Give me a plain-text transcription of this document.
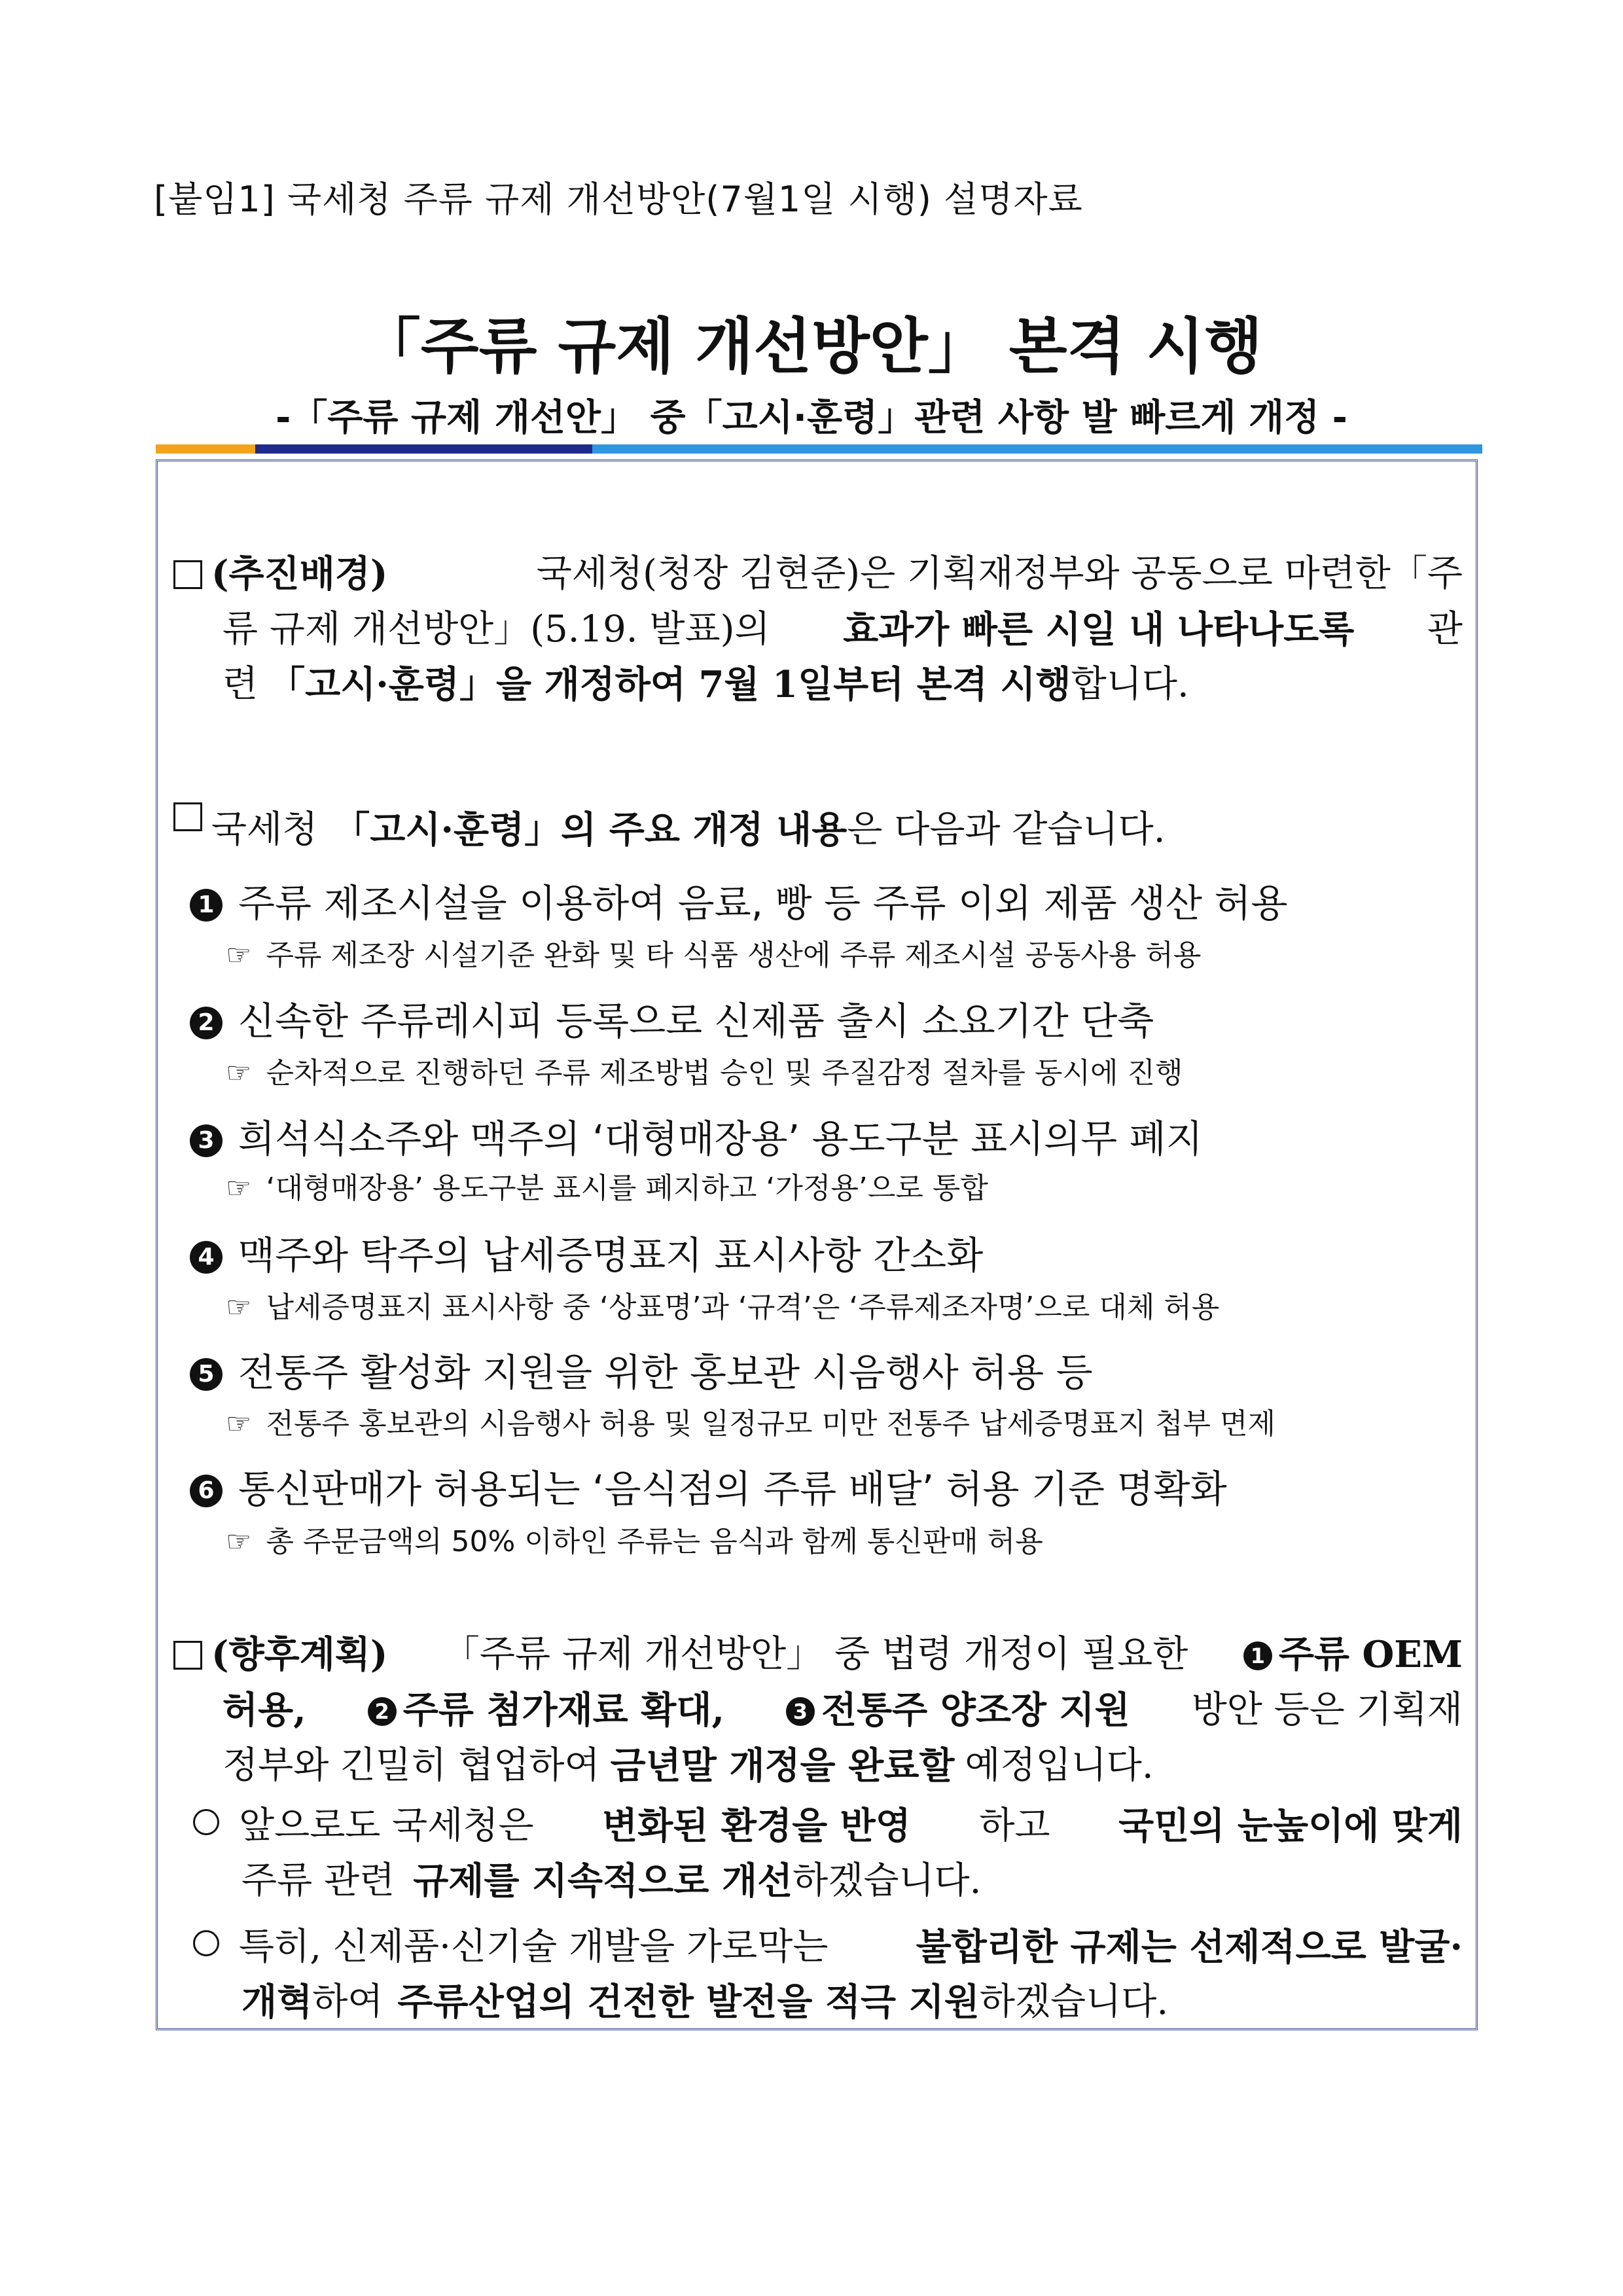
[붙임1] 국세청 주류 규제 개선방안(7월1일 시행) 설명자료
「주류 규제 개선방안」 본격 시행
-「주류 규제 개선안」 중「고시·훈령」관련 사항 발 빠르게 개정 -
(추진배경)	국세청(청장 김현준)은 기획재정부와 공동으로 마련한「주
류 규제 개선방안」(5.19. 발표)의 효과가 빠른 시일 내 나타나도록 관
련 「고시·훈령」을 개정하여 7월 1일부터 본격 시행 합니다.
국세청 「고시·훈령」의 주요 개정 내용 은 다음과 같습니다.
1 주류 제조시설을 이용하여 음료, 빵 등 주류 이외 제품 생산 허용
☞ 주류 제조장 시설기준 완화 및 타 식품 생산에 주류 제조시설 공동사용 허용
2 신속한 주류레시피 등록으로 신제품 출시 소요기간 단축
☞ 순차적으로 진행하던 주류 제조방법 승인 및 주질감정 절차를 동시에 진행
3 희석식소주와 맥주의 ‘대형매장용’ 용도구분 표시의무 폐지
☞ ‘대형매장용’ 용도구분 표시를 폐지하고 ‘가정용’으로 통합
4 맥주와 탁주의 납세증명표지 표시사항 간소화
☞ 납세증명표지 표시사항 중 ‘상표명’과 ‘규격’은 ‘주류제조자명’으로 대체 허용
5 전통주 활성화 지원을 위한 홍보관 시음행사 허용 등
☞ 전통주 홍보관의 시음행사 허용 및 일정규모 미만 전통주 납세증명표지 첩부 면제
6 통신판매가 허용되는 ‘음식점의 주류 배달’ 허용 기준 명확화
☞ 총 주문금액의 50% 이하인 주류는 음식과 함께 통신판매 허용
(향후계획) 「주류 규제 개선방안」 중 법령 개정이 필요한	1 주류 OEM
허용,	2 주류 첨가재료 확대,	3 전통주 양조장 지원 방안 등은 기획재
정부와 긴밀히 협업하여 금년말 개정을 완료할 예정입니다.
앞으로도 국세청은 변화된 환경을 반영 하고 국민의 눈높이에 맞게
주류 관련 규제를 지속적으로 개선 하겠습니다.
특히, 신제품·신기술 개발을 가로막는 불합리한 규제는 선제적으로 발굴·
개혁 하여 주류산업의 건전한 발전을 적극 지원 하겠습니다.
